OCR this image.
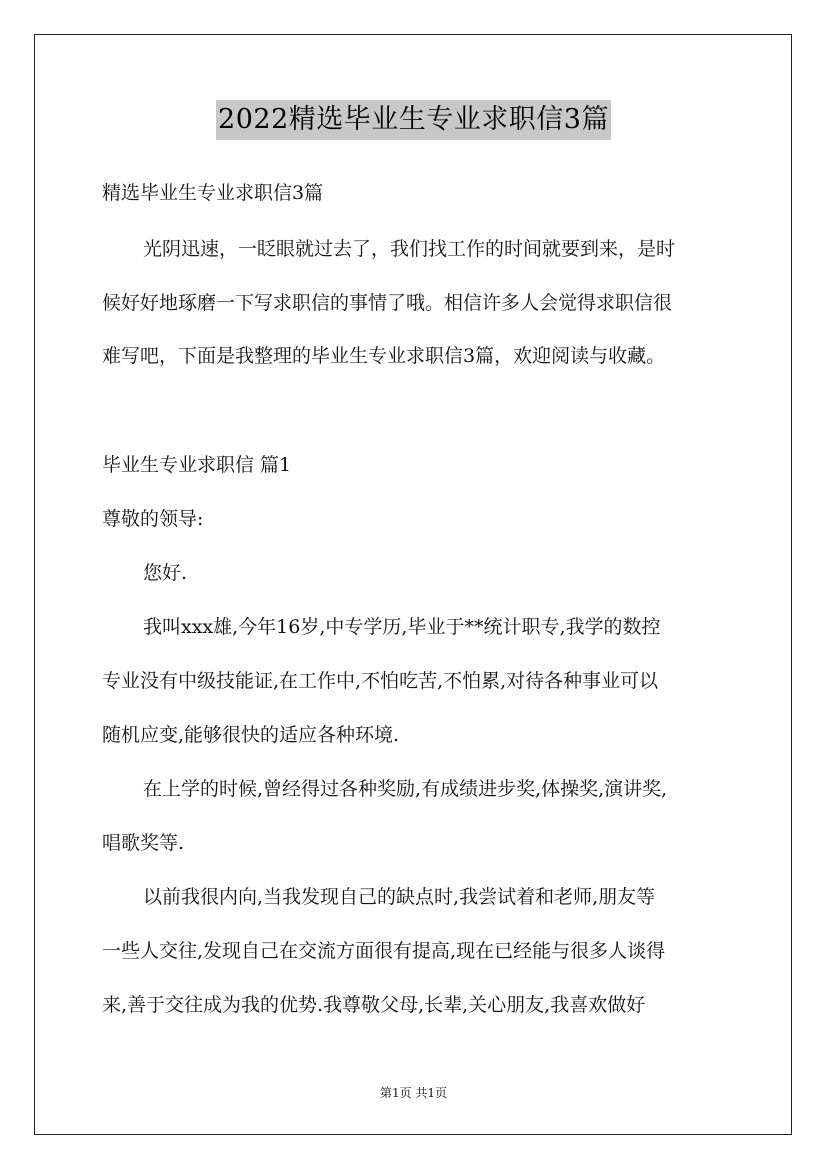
2022精选毕业生专业求职信3篇
精选毕业生专业求职信3篇
光阴迅速，一眨眼就过去了，我们找工作的时间就要到来，是时
候好好地琢磨一下写求职信的事情了哦。相信许多人会觉得求职信很
难写吧，下面是我整理的毕业生专业求职信3篇，欢迎阅读与收藏。
毕业生专业求职信 篇1
尊敬的领导:
您好.
我叫xxx雄,今年16岁,中专学历,毕业于**统计职专,我学的数控
专业没有中级技能证,在工作中,不怕吃苦,不怕累,对待各种事业可以
随机应变,能够很快的适应各种环境.
在上学的时候,曾经得过各种奖励,有成绩进步奖,体操奖,演讲奖,
唱歌奖等.
以前我很内向,当我发现自己的缺点时,我尝试着和老师,朋友等
一些人交往,发现自己在交流方面很有提高,现在已经能与很多人谈得
来,善于交往成为我的优势.我尊敬父母,长辈,关心朋友,我喜欢做好
第1页 共1页
